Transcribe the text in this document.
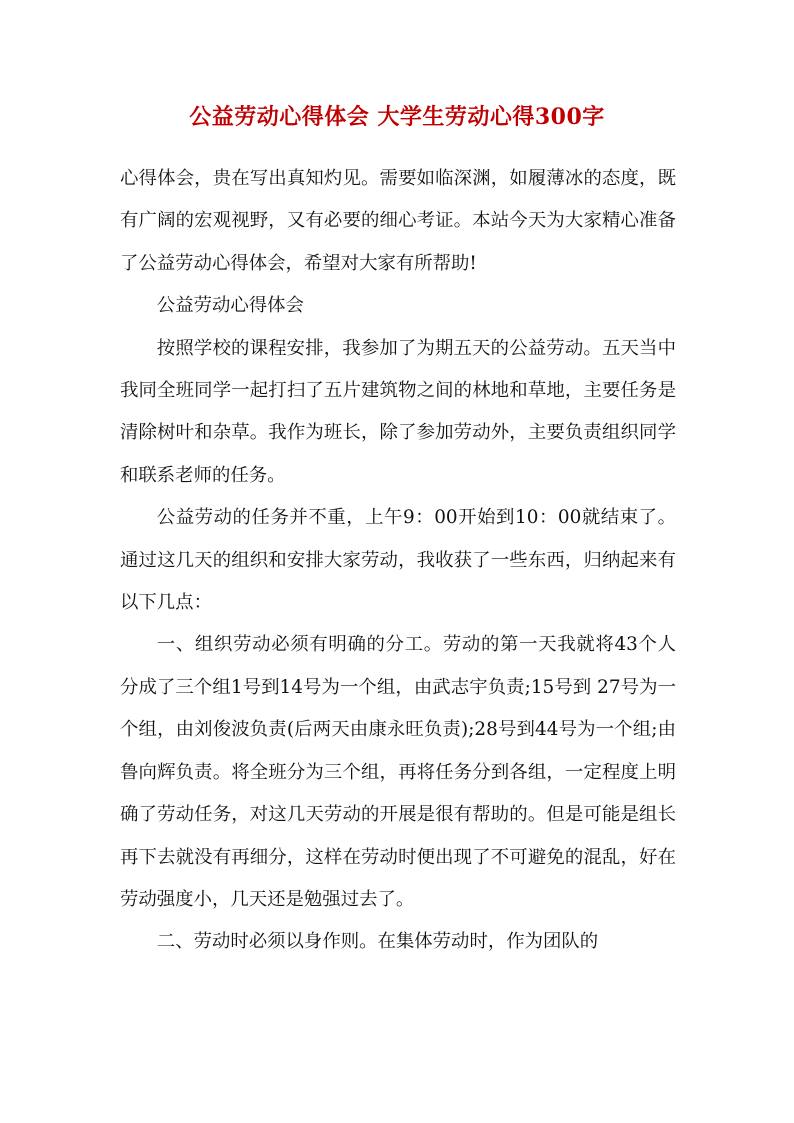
公益劳动心得体会 大学生劳动心得300字

心得体会，贵在写出真知灼见。需要如临深渊，如履薄冰的态度，既有广阔的宏观视野，又有必要的细心考证。本站今天为大家精心准备了公益劳动心得体会，希望对大家有所帮助!

公益劳动心得体会

按照学校的课程安排，我参加了为期五天的公益劳动。五天当中我同全班同学一起打扫了五片建筑物之间的林地和草地，主要任务是清除树叶和杂草。我作为班长，除了参加劳动外，主要负责组织同学和联系老师的任务。

公益劳动的任务并不重，上午9：00开始到10：00就结束了。通过这几天的组织和安排大家劳动，我收获了一些东西，归纳起来有以下几点：

一、组织劳动必须有明确的分工。劳动的第一天我就将43个人分成了三个组1号到14号为一个组，由武志宇负责;15号到 27号为一个组，由刘俊波负责(后两天由康永旺负责);28号到44号为一个组;由鲁向辉负责。将全班分为三个组，再将任务分到各组，一定程度上明确了劳动任务，对这几天劳动的开展是很有帮助的。但是可能是组长再下去就没有再细分，这样在劳动时便出现了不可避免的混乱，好在劳动强度小，几天还是勉强过去了。

二、劳动时必须以身作则。在集体劳动时，作为团队的
